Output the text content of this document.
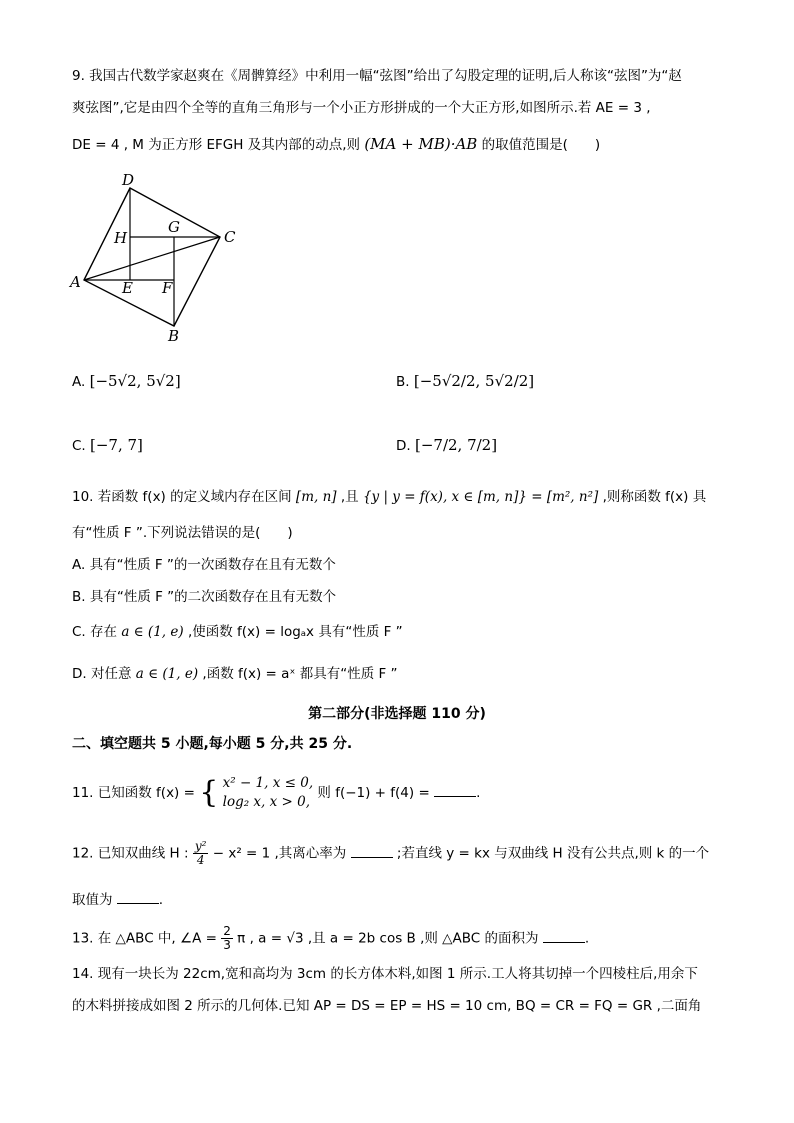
9. 我国古代数学家赵爽在《周髀算经》中利用一幅“弦图”给出了勾股定理的证明,后人称该“弦图”为“赵
爽弦图”,它是由四个全等的直角三角形与一个小正方形拼成的一个大正方形,如图所示.若 AE = 3 ,
DE = 4 , M 为正方形 EFGH 及其内部的动点,则 (MA + MB)·AB 的取值范围是(　　)
D
H
G
C
A	E F
B
A. [−5√2, 5√2]	B. [−5√2/2, 5√2/2]
C. [−7, 7]	D. [−7/2, 7/2]
10. 若函数 f(x) 的定义域内存在区间 [m, n] ,且 {y | y = f(x), x ∈ [m, n]} = [m², n²] ,则称函数 f(x) 具
有“性质 F ”.下列说法错误的是(　　)
A. 具有“性质 F ”的一次函数存在且有无数个
B. 具有“性质 F ”的二次函数存在且有无数个
C. 存在 a ∈ (1, e) ,使函数 f(x) = logₐx 具有“性质 F ”
D. 对任意 a ∈ (1, e) ,函数 f(x) = aˣ 都具有“性质 F ”
第二部分(非选择题 110 分)
二、填空题共 5 小题,每小题 5 分,共 25 分.
11. 已知函数 f(x) = { x² − 1, x ≤ 0,
log₂ x, x > 0,
则 f(−1) + f(4) =	.
12. 已知双曲线 H : $\frac{\text{y²}}{4} - x^2 = 1$ ,其离心率为	;若直线 y = kx 与双曲线 H 没有公共点,则 k 的一个
取值为	.
13. 在 △ABC 中, ∠A = $\frac{2}{3}$ π , a = √3 ,且 a = 2b cos B ,则 △ABC 的面积为	.
14. 现有一块长为 22cm,宽和高均为 3cm 的长方体木料,如图 1 所示.工人将其切掉一个四棱柱后,用余下
的木料拼接成如图 2 所示的几何体.已知 AP = DS = EP = HS = 10 cm, BQ = CR = FQ = GR ,二面角
